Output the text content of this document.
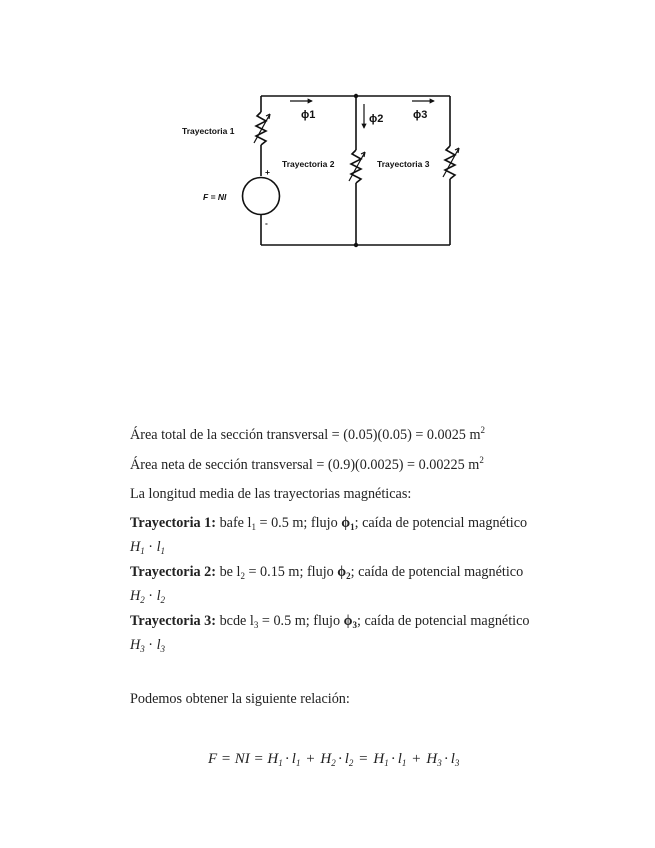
Trayectoria 1
Trayectoria 2	Trayectoria 3
F = NI
+
-
ϕ1	ϕ2	ϕ3
Área total de la sección transversal = (0.05)(0.05) = 0.0025 $m^2$
Área neta de sección transversal = (0.9)(0.0025) = 0.00225 $m^2$
La longitud media de las trayectorias magnéticas:
Trayectoria 1: bafe $l_1 = 0.5$ m; flujo $\phi_1$; caída de potencial magnético
$H_1 \cdot l_1$
Trayectoria 2: be $l_2 = 0.15$ m; flujo $\phi_2$; caída de potencial magnético
$H_2 \cdot l_2$
Trayectoria 3: bcde $l_3 = 0.5$ m; flujo $\phi_3$; caída de potencial magnético
$H_3 \cdot l_3$
Podemos obtener la siguiente relación:
F = NI = $H_1 \cdot l_1 + H_2 \cdot l_2 = H_1 \cdot l_1 + H_3 \cdot l_3$
